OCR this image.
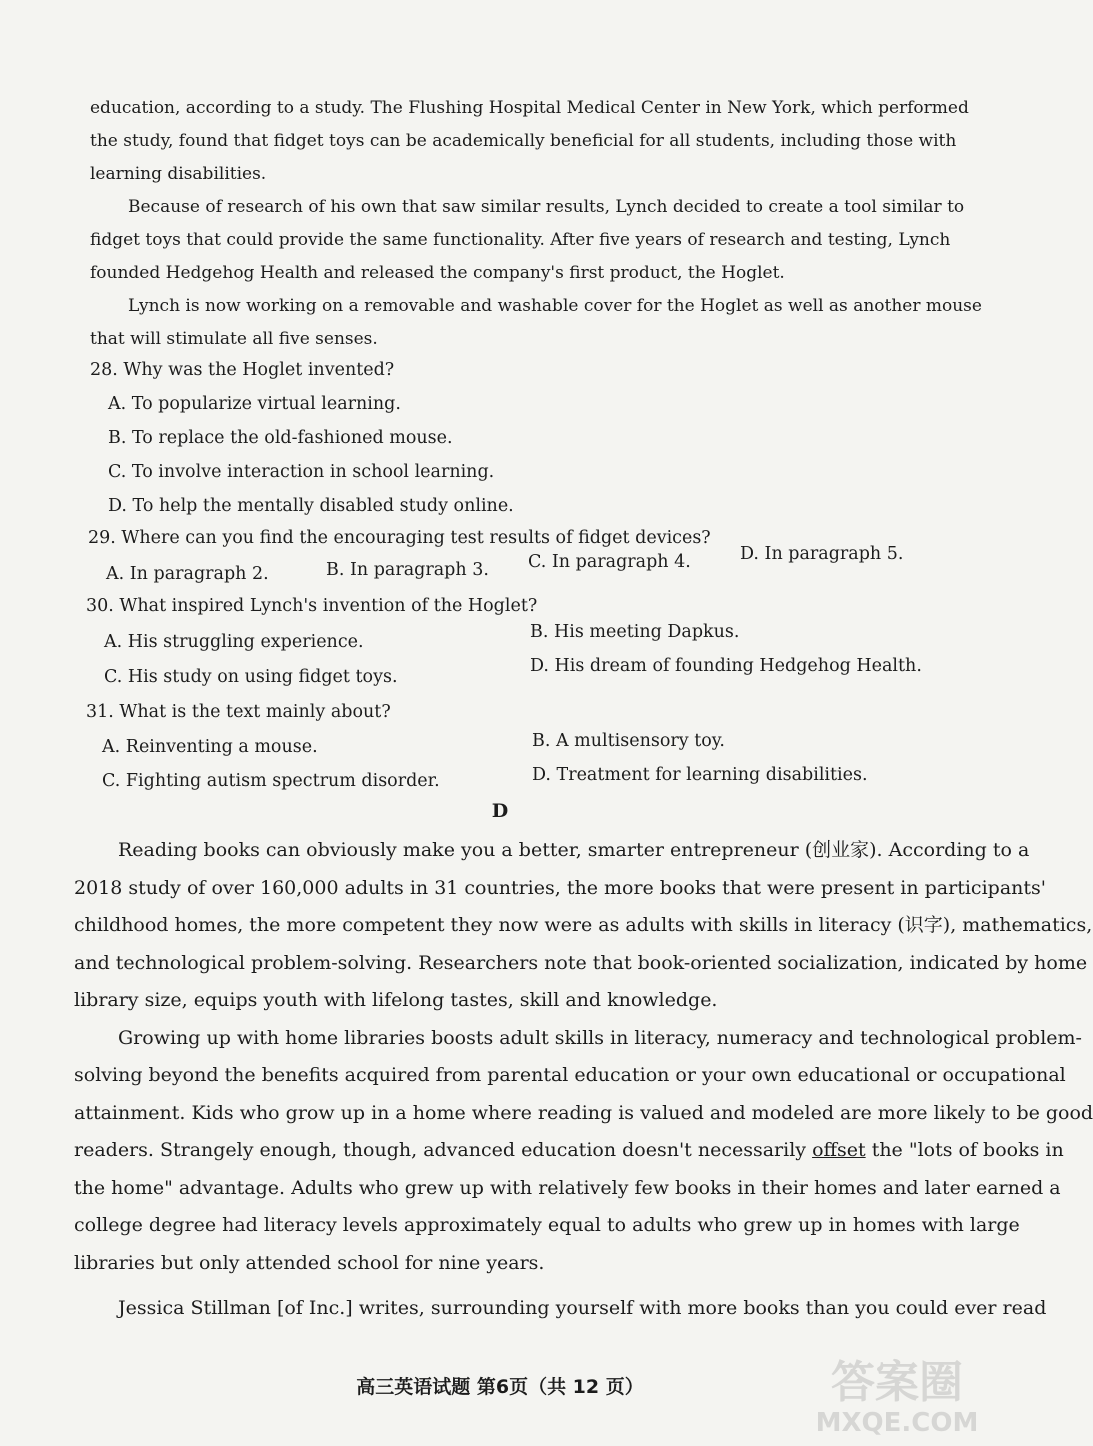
education, according to a study. The Flushing Hospital Medical Center in New York, which performed
the study, found that fidget toys can be academically beneficial for all students, including those with
learning disabilities.
Because of research of his own that saw similar results, Lynch decided to create a tool similar to
fidget toys that could provide the same functionality. After five years of research and testing, Lynch
founded Hedgehog Health and released the company's first product, the Hoglet.
Lynch is now working on a removable and washable cover for the Hoglet as well as another mouse
that will stimulate all five senses.
28. Why was the Hoglet invented?
A. To popularize virtual learning.
B. To replace the old-fashioned mouse.
C. To involve interaction in school learning.
D. To help the mentally disabled study online.
29. Where can you find the encouraging test results of fidget devices?
A. In paragraph 2.	B. In paragraph 3. C. In paragraph 4.	D. In paragraph 5.
30. What inspired Lynch's invention of the Hoglet?
A. His struggling experience.	B. His meeting Dapkus.
C. His study on using fidget toys.
D. His dream of founding Hedgehog Health.
31. What is the text mainly about?
A. Reinventing a mouse.	B. A multisensory toy.
C. Fighting autism spectrum disorder.	D. Treatment for learning disabilities.
D

Reading books can obviously make you a better, smarter entrepreneur (创业家). According to a
2018 study of over 160,000 adults in 31 countries, the more books that were present in participants'
childhood homes, the more competent they now were as adults with skills in literacy (识字), mathematics,
and technological problem-solving. Researchers note that book-oriented socialization, indicated by home
library size, equips youth with lifelong tastes, skill and knowledge.

Growing up with home libraries boosts adult skills in literacy, numeracy and technological problem-
solving beyond the benefits acquired from parental education or your own educational or occupational
attainment. Kids who grow up in a home where reading is valued and modeled are more likely to be good
readers. Strangely enough, though, advanced education doesn't necessarily offset the "lots of books in
the home" advantage. Adults who grew up with relatively few books in their homes and later earned a
college degree had literacy levels approximately equal to adults who grew up in homes with large
libraries but only attended school for nine years.

Jessica Stillman [of Inc.] writes, surrounding yourself with more books than you could ever read

高三英语试题 第6页（共 12 页）	答案圈
MXQE.COM
